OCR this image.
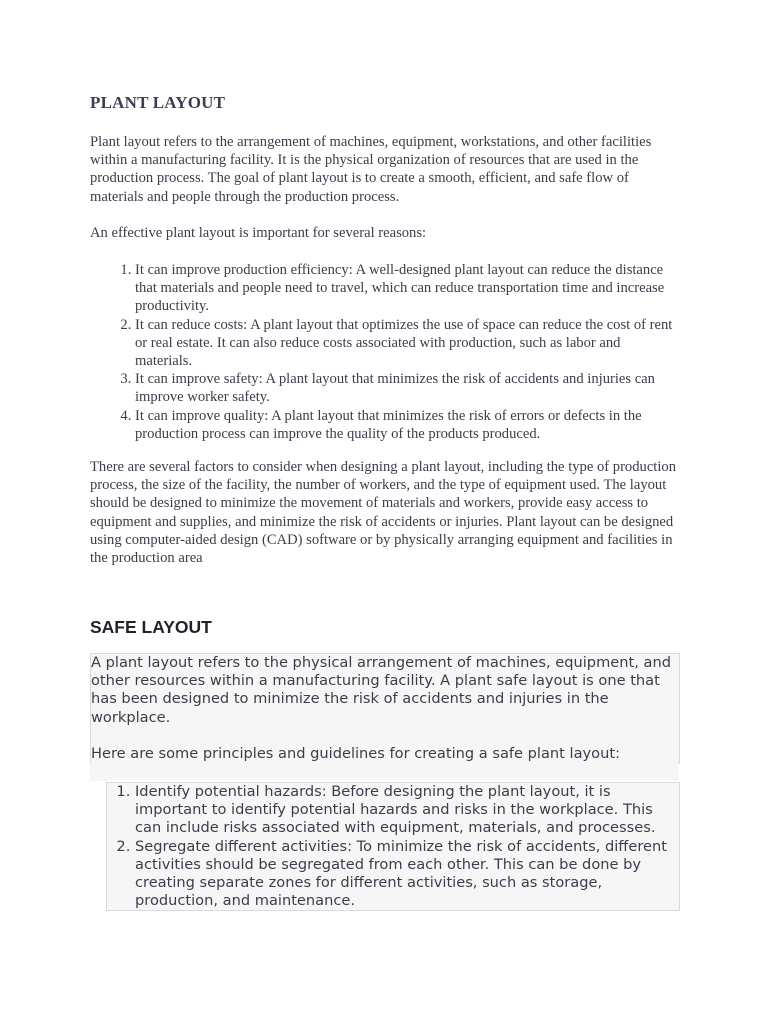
PLANT LAYOUT

Plant layout refers to the arrangement of machines, equipment, workstations, and other facilities within a manufacturing facility. It is the physical organization of resources that are used in the production process. The goal of plant layout is to create a smooth, efficient, and safe flow of materials and people through the production process.

An effective plant layout is important for several reasons:

1. It can improve production efficiency: A well-designed plant layout can reduce the distance that materials and people need to travel, which can reduce transportation time and increase productivity.
2. It can reduce costs: A plant layout that optimizes the use of space can reduce the cost of rent or real estate. It can also reduce costs associated with production, such as labor and materials.
3. It can improve safety: A plant layout that minimizes the risk of accidents and injuries can improve worker safety.
4. It can improve quality: A plant layout that minimizes the risk of errors or defects in the production process can improve the quality of the products produced.

There are several factors to consider when designing a plant layout, including the type of production process, the size of the facility, the number of workers, and the type of equipment used. The layout should be designed to minimize the movement of materials and workers, provide easy access to equipment and supplies, and minimize the risk of accidents or injuries. Plant layout can be designed using computer-aided design (CAD) software or by physically arranging equipment and facilities in the production area

SAFE LAYOUT

A plant layout refers to the physical arrangement of machines, equipment, and other resources within a manufacturing facility. A plant safe layout is one that has been designed to minimize the risk of accidents and injuries in the workplace.

Here are some principles and guidelines for creating a safe plant layout:

1. Identify potential hazards: Before designing the plant layout, it is important to identify potential hazards and risks in the workplace. This can include risks associated with equipment, materials, and processes.
2. Segregate different activities: To minimize the risk of accidents, different activities should be segregated from each other. This can be done by creating separate zones for different activities, such as storage, production, and maintenance.
